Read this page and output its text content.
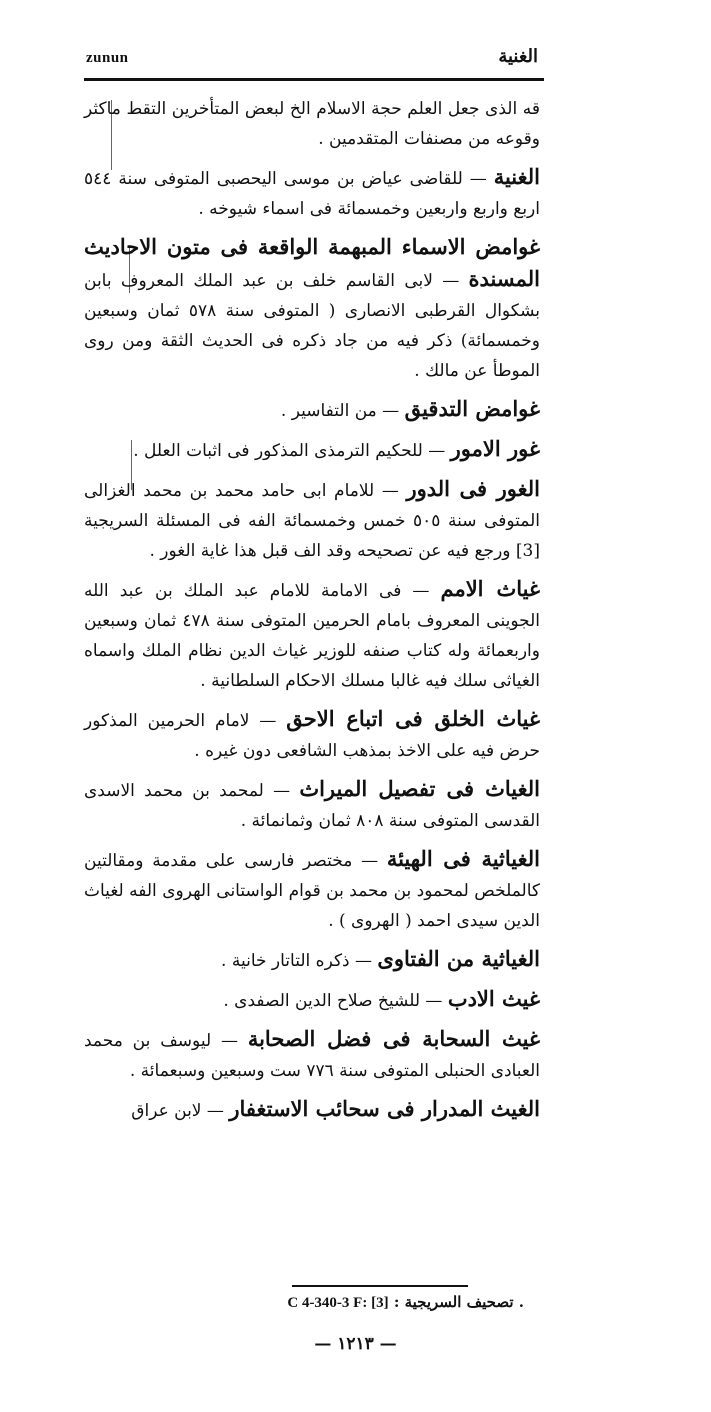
zunun	الغنية

قه الذى جعل العلم حجة الاسلام الخ لبعض المتأخرين التقط ماكثر وقوعه من مصنفات المتقدمين .

الغنية — للقاضى عياض بن موسى اليحصبى المتوفى سنة ٥٤٤ اربع واربع واربعين وخمسمائة فى اسماء شيوخه .

غوامض الاسماء المبهمة الواقعة فى متون الاحاديث المسندة — لابى القاسم خلف بن عبد الملك المعروف بابن بشكوال القرطبى الانصارى ( المتوفى سنة ٥٧٨ ثمان وسبعين وخمسمائة) ذكر فيه من جاد ذكره فى الحديث الثقة ومن روى الموطأ عن مالك .

غوامض التدقيق — من التفاسير .

غور الامور — للحكيم الترمذى المذكور فى اثبات العلل .

الغور فى الدور — للامام ابى حامد محمد بن محمد الغزالى المتوفى سنة ٥٠٥ خمس وخمسمائة الفه فى المسئلة السريجية [3] ورجع فيه عن تصحيحه وقد الف قبل هذا غاية الغور .

غياث الامم — فى الامامة للامام عبد الملك بن عبد الله الجوينى المعروف بامام الحرمين المتوفى سنة ٤٧٨ ثمان وسبعين واربعمائة وله كتاب صنفه للوزير غياث الدين نظام الملك واسماه الغياثى سلك فيه غالبا مسلك الاحكام السلطانية .

غياث الخلق فى اتباع الاحق — لامام الحرمين المذكور حرض فيه على الاخذ بمذهب الشافعى دون غيره .

الغياث فى تفصيل الميراث — لمحمد بن محمد الاسدى القدسى المتوفى سنة ٨٠٨ ثمان وثمانمائة .

الغياثية فى الهيئة — مختصر فارسى على مقدمة ومقالتين كالملخص لمحمود بن محمد بن قوام الواستانى الهروى الفه لغياث الدين سيدى احمد ( الهروى ) .

الغياثية من الفتاوى — ذكره التاتار خانية .

غيث الادب — للشيخ صلاح الدين الصفدى .

غيث السحابة فى فضل الصحابة — ليوسف بن محمد العبادى الحنبلى المتوفى سنة ٧٧٦ ست وسبعين وسبعمائة .

الغيث المدرار فى سحائب الاستغفار — لابن عراق

. تصحيف السريجية : C 4-340-3 F: [3]
— ١٢١٣ —
